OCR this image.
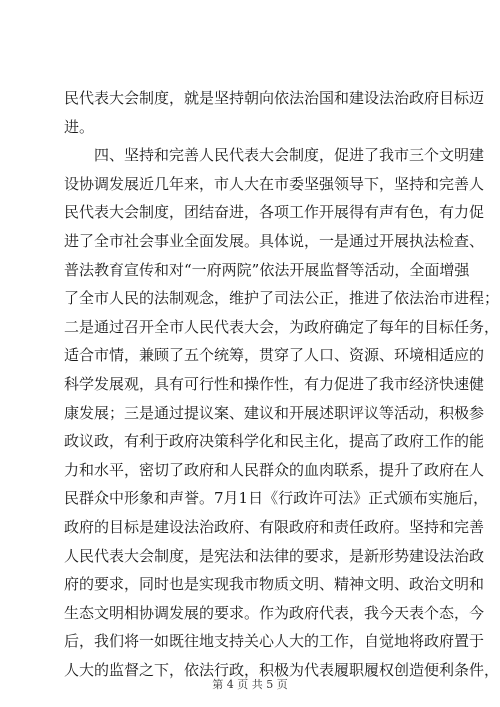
民代表大会制度，就是坚持朝向依法治国和建设法治政府目标迈
进。
四、坚持和完善人民代表大会制度，促进了我市三个文明建
设协调发展近几年来，市人大在市委坚强领导下，坚持和完善人
民代表大会制度，团结奋进，各项工作开展得有声有色，有力促
进了全市社会事业全面发展。具体说，一是通过开展执法检查、
普法教育宣传和对“一府两院”依法开展监督等活动，全面增强
了全市人民的法制观念，维护了司法公正，推进了依法治市进程；
二是通过召开全市人民代表大会，为政府确定了每年的目标任务，
适合市情，兼顾了五个统筹，贯穿了人口、资源、环境相适应的
科学发展观，具有可行性和操作性，有力促进了我市经济快速健
康发展；三是通过提议案、建议和开展述职评议等活动，积极参
政议政，有利于政府决策科学化和民主化，提高了政府工作的能
力和水平，密切了政府和人民群众的血肉联系，提升了政府在人
民群众中形象和声誉。7月1日《行政许可法》正式颁布实施后，
政府的目标是建设法治政府、有限政府和责任政府。坚持和完善
人民代表大会制度，是宪法和法律的要求，是新形势建设法治政
府的要求，同时也是实现我市物质文明、精神文明、政治文明和
生态文明相协调发展的要求。作为政府代表，我今天表个态，今
后，我们将一如既往地支持关心人大的工作，自觉地将政府置于
人大的监督之下，依法行政，积极为代表履职履权创造便利条件，
第 4 页 共 5 页
